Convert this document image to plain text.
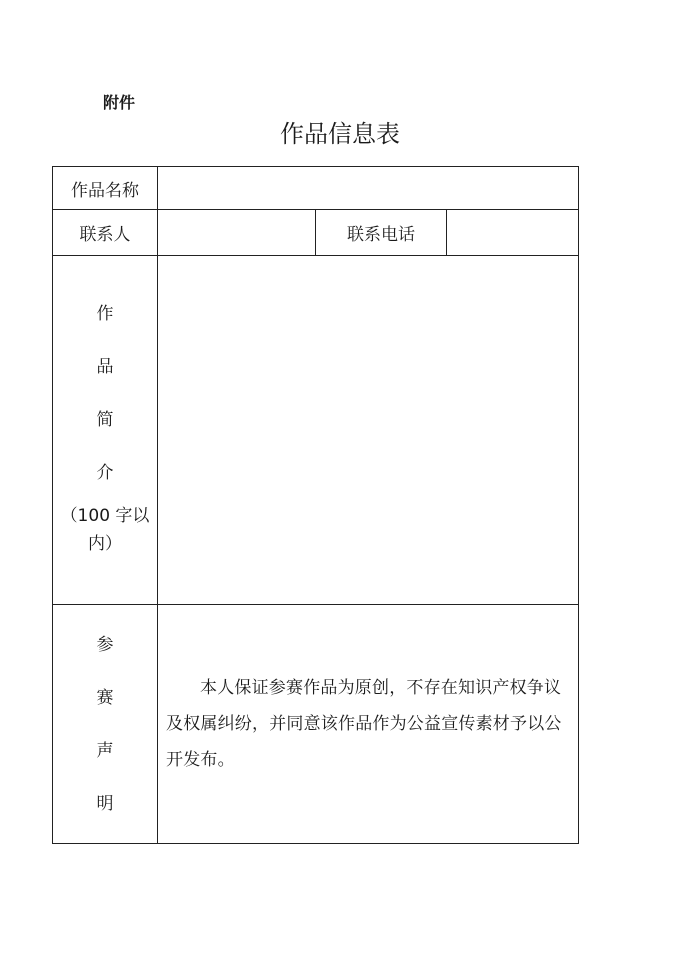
附件
作品信息表
作品名称			
联系人		联系电话	

作
品
简
介
（100 字以内）			

参
赛
声
明	本人保证参赛作品为原创，不存在知识产权争议及权属纠纷，并同意该作品作为公益宣传素材予以公开发布。		
